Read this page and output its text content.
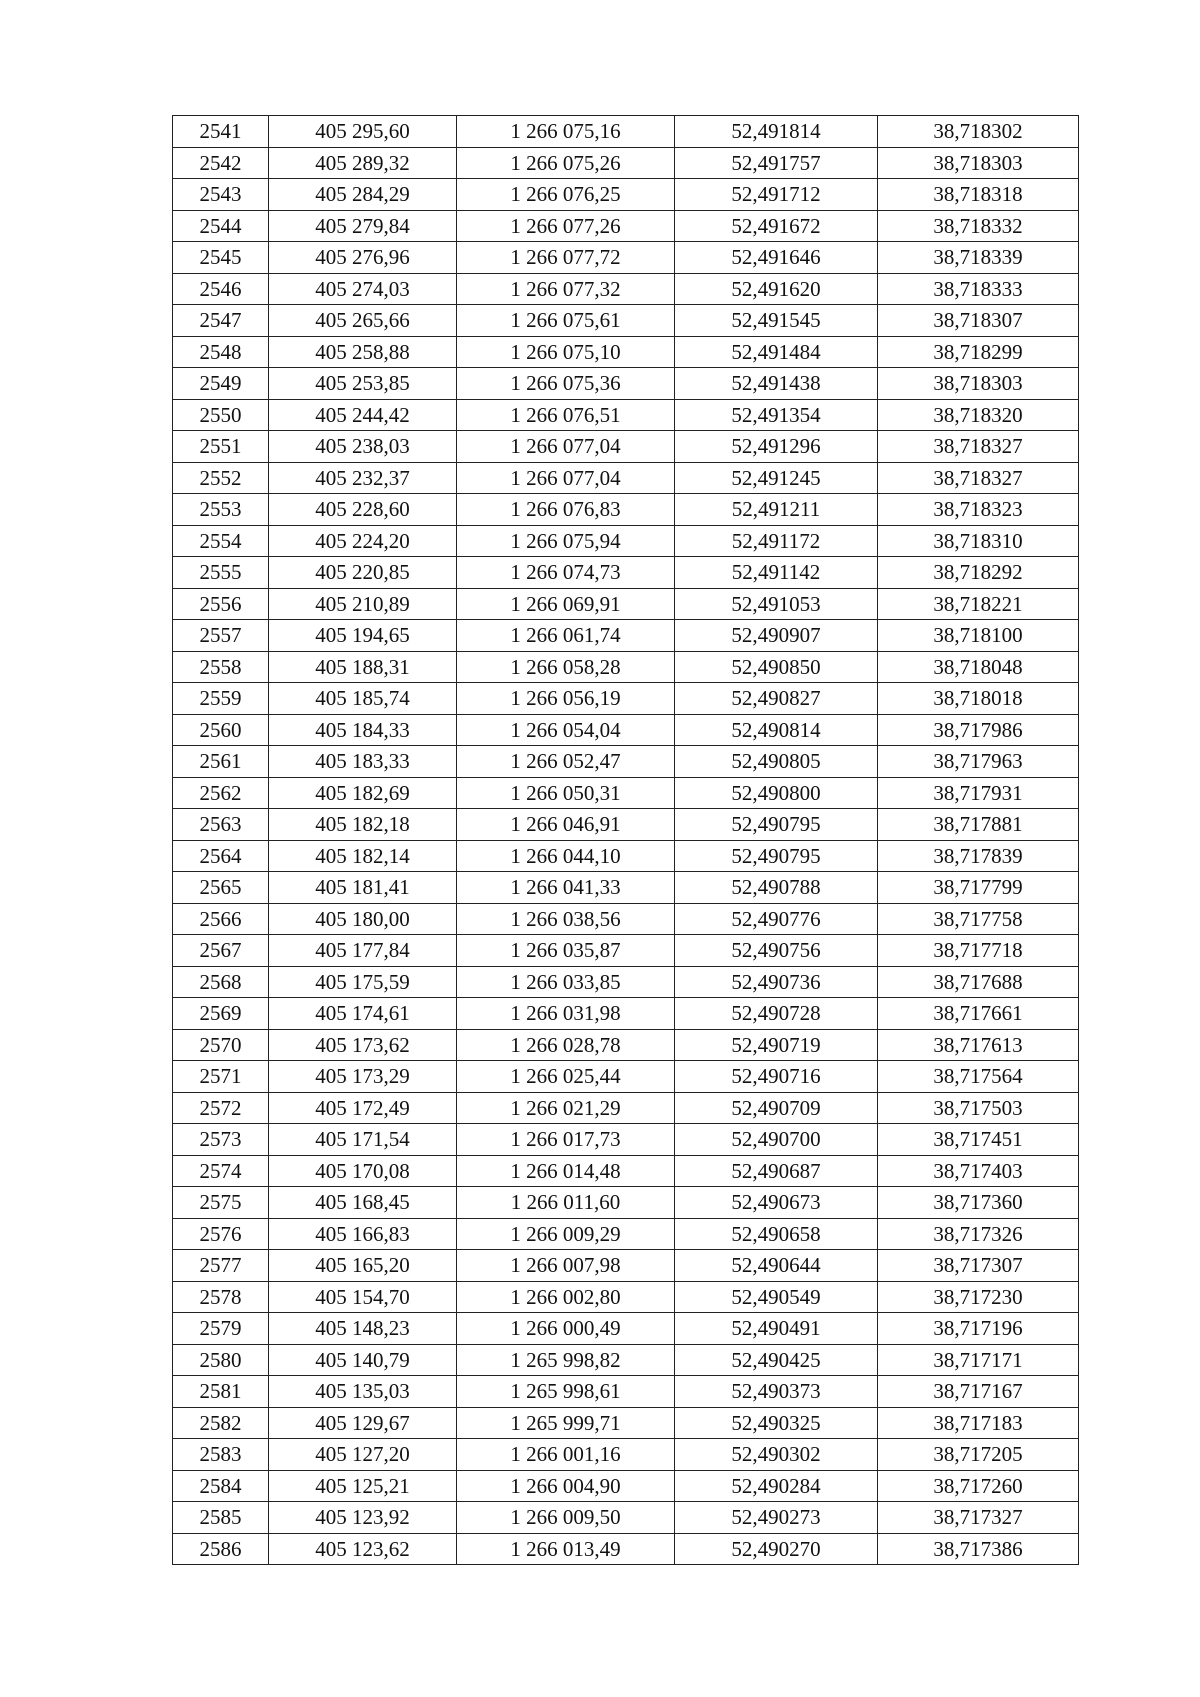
2541	405 295,60	1 266 075,16	52,491814	38,718302
2542	405 289,32	1 266 075,26	52,491757	38,718303
2543	405 284,29	1 266 076,25	52,491712	38,718318
2544	405 279,84	1 266 077,26	52,491672	38,718332
2545	405 276,96	1 266 077,72	52,491646	38,718339
2546	405 274,03	1 266 077,32	52,491620	38,718333
2547	405 265,66	1 266 075,61	52,491545	38,718307
2548	405 258,88	1 266 075,10	52,491484	38,718299
2549	405 253,85	1 266 075,36	52,491438	38,718303
2550	405 244,42	1 266 076,51	52,491354	38,718320
2551	405 238,03	1 266 077,04	52,491296	38,718327
2552	405 232,37	1 266 077,04	52,491245	38,718327
2553	405 228,60	1 266 076,83	52,491211	38,718323
2554	405 224,20	1 266 075,94	52,491172	38,718310
2555	405 220,85	1 266 074,73	52,491142	38,718292
2556	405 210,89	1 266 069,91	52,491053	38,718221
2557	405 194,65	1 266 061,74	52,490907	38,718100
2558	405 188,31	1 266 058,28	52,490850	38,718048
2559	405 185,74	1 266 056,19	52,490827	38,718018
2560	405 184,33	1 266 054,04	52,490814	38,717986
2561	405 183,33	1 266 052,47	52,490805	38,717963
2562	405 182,69	1 266 050,31	52,490800	38,717931
2563	405 182,18	1 266 046,91	52,490795	38,717881
2564	405 182,14	1 266 044,10	52,490795	38,717839
2565	405 181,41	1 266 041,33	52,490788	38,717799
2566	405 180,00	1 266 038,56	52,490776	38,717758
2567	405 177,84	1 266 035,87	52,490756	38,717718
2568	405 175,59	1 266 033,85	52,490736	38,717688
2569	405 174,61	1 266 031,98	52,490728	38,717661
2570	405 173,62	1 266 028,78	52,490719	38,717613
2571	405 173,29	1 266 025,44	52,490716	38,717564
2572	405 172,49	1 266 021,29	52,490709	38,717503
2573	405 171,54	1 266 017,73	52,490700	38,717451
2574	405 170,08	1 266 014,48	52,490687	38,717403
2575	405 168,45	1 266 011,60	52,490673	38,717360
2576	405 166,83	1 266 009,29	52,490658	38,717326
2577	405 165,20	1 266 007,98	52,490644	38,717307
2578	405 154,70	1 266 002,80	52,490549	38,717230
2579	405 148,23	1 266 000,49	52,490491	38,717196
2580	405 140,79	1 265 998,82	52,490425	38,717171
2581	405 135,03	1 265 998,61	52,490373	38,717167
2582	405 129,67	1 265 999,71	52,490325	38,717183
2583	405 127,20	1 266 001,16	52,490302	38,717205
2584	405 125,21	1 266 004,90	52,490284	38,717260
2585	405 123,92	1 266 009,50	52,490273	38,717327
2586	405 123,62	1 266 013,49	52,490270	38,717386
